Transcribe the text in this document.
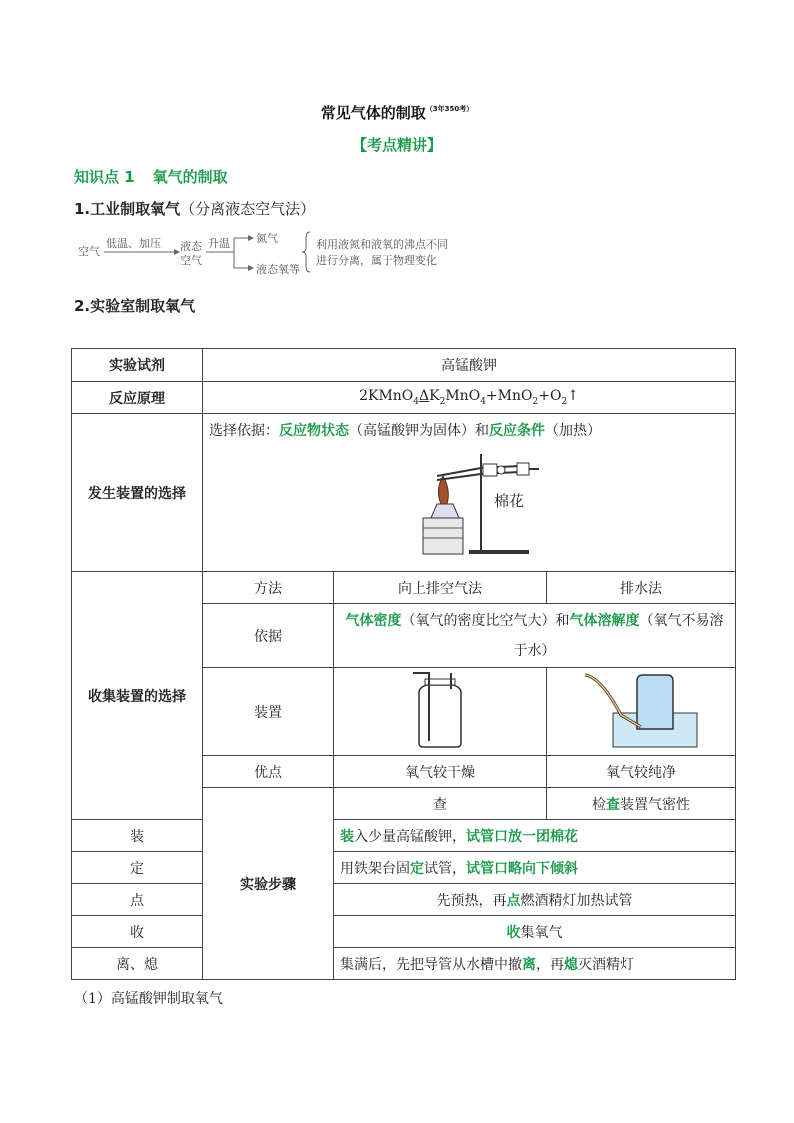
常见气体的制取$^{(3年350考)}$
【考点精讲】
知识点 1 氧气的制取
1.工业制取氧气（分离液态空气法）
空气
低温、加压 液态
空气
升温 氮气
液态氧等
利用液氮和液氧的沸点不同
进行分离，属于物理变化
2.实验室制取氧气
实验试剂	高锰酸钾		
反应原理	$2KMnO_4\Delta K_2MnO_4+MnO_2+O_2↑$		
发生装置的选择	选择依据：反应物状态（高锰酸钾为固体）和反应条件（加热）
棉花		

收集装置的选择	方法	向上排空气法	排水法
	依据	气体密度（氧气的密度比空气大）和气体溶解度（氧气不易溶
于水）	
	装置		
	优点	氧气较干燥	氧气较纯净
	实验步骤	查	检查装置气密性
装		装入少量高锰酸钾，试管口放一团棉花	
定		用铁架台固定试管，试管口略向下倾斜	
点		先预热，再点燃酒精灯加热试管	
收		收集氧气	
离、熄		集满后，先把导管从水槽中撤离，再熄灭酒精灯	
（1）高锰酸钾制取氧气
